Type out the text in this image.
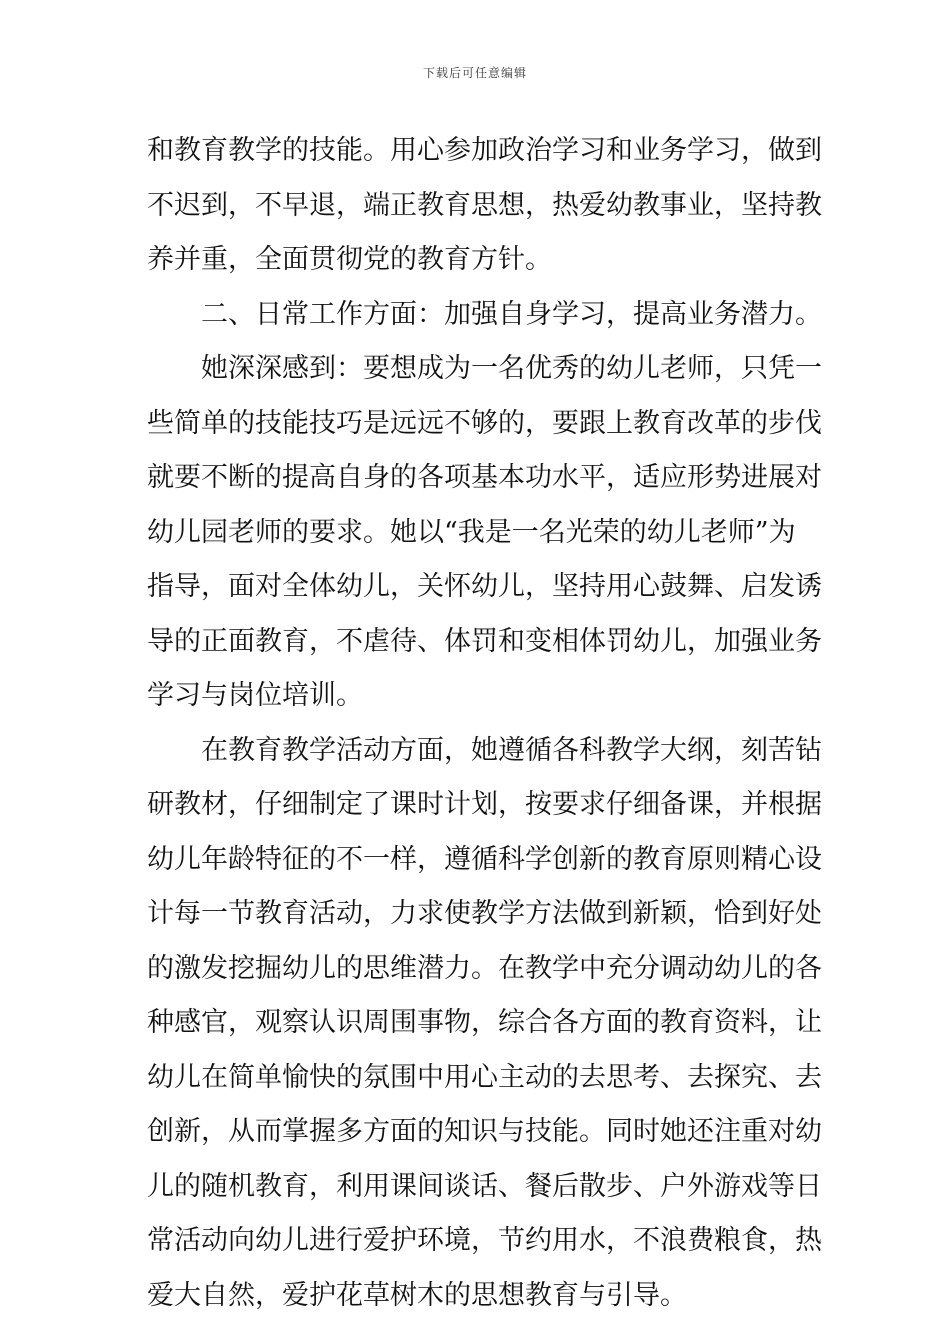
下载后可任意编辑
和教育教学的技能。用心参加政治学习和业务学习，做到
不迟到，不早退，端正教育思想，热爱幼教事业，坚持教
养并重，全面贯彻党的教育方针。
　　二、日常工作方面：加强自身学习，提高业务潜力。
　　她深深感到：要想成为一名优秀的幼儿老师，只凭一
些简单的技能技巧是远远不够的，要跟上教育改革的步伐
就要不断的提高自身的各项基本功水平，适应形势进展对
幼儿园老师的要求。她以“我是一名光荣的幼儿老师”为
指导，面对全体幼儿，关怀幼儿，坚持用心鼓舞、启发诱
导的正面教育，不虐待、体罚和变相体罚幼儿，加强业务
学习与岗位培训。
　　在教育教学活动方面，她遵循各科教学大纲，刻苦钻
研教材，仔细制定了课时计划，按要求仔细备课，并根据
幼儿年龄特征的不一样，遵循科学创新的教育原则精心设
计每一节教育活动，力求使教学方法做到新颖，恰到好处
的激发挖掘幼儿的思维潜力。在教学中充分调动幼儿的各
种感官，观察认识周围事物，综合各方面的教育资料，让
幼儿在简单愉快的氛围中用心主动的去思考、去探究、去
创新，从而掌握多方面的知识与技能。同时她还注重对幼
儿的随机教育，利用课间谈话、餐后散步、户外游戏等日
常活动向幼儿进行爱护环境，节约用水，不浪费粮食，热
爱大自然，爱护花草树木的思想教育与引导。
